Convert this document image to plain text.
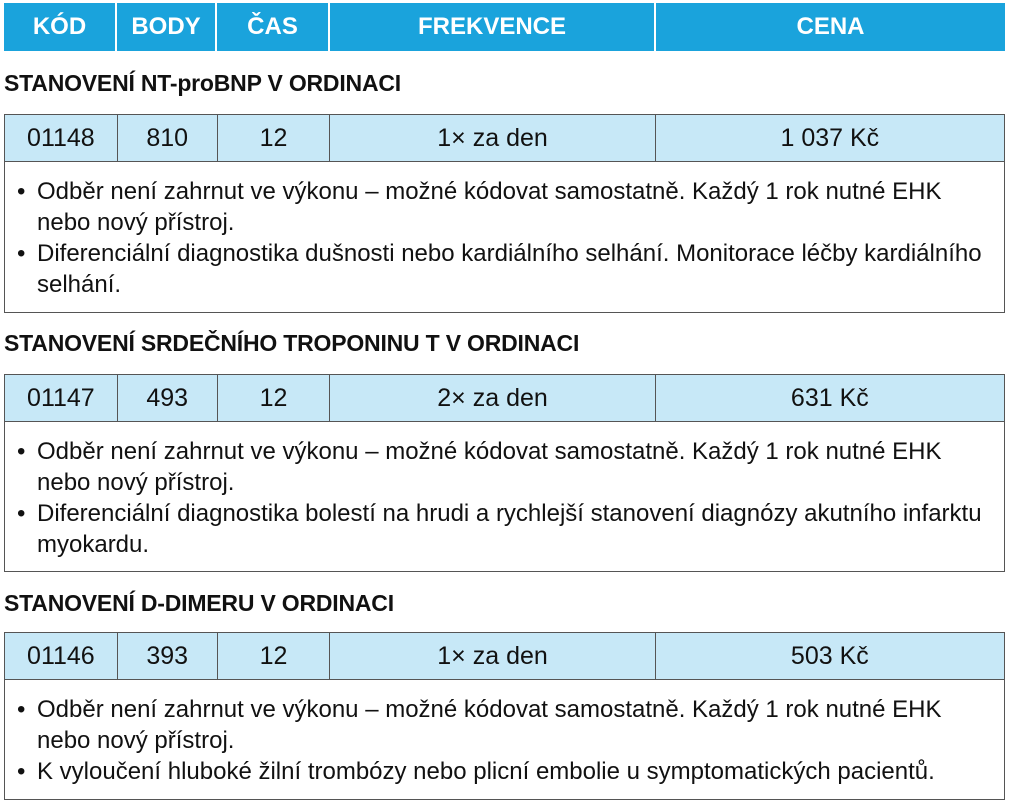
KÓD	BODY	ČAS	FREKVENCE	CENA
STANOVENÍ NT-proBNP V ORDINACI
01148	810	12	1× za den	1 037 Kč
• Odběr není zahrnut ve výkonu – možné kódovat samostatně. Každý 1 rok nutné EHK nebo nový přístroj.
• Diferenciální diagnostika dušnosti nebo kardiálního selhání. Monitorace léčby kardiálního selhání.
STANOVENÍ SRDEČNÍHO TROPONINU T V ORDINACI
01147	493	12	2× za den	631 Kč
• Odběr není zahrnut ve výkonu – možné kódovat samostatně. Každý 1 rok nutné EHK nebo nový přístroj.
• Diferenciální diagnostika bolestí na hrudi a rychlejší stanovení diagnózy akutního infarktu myokardu.
STANOVENÍ D-DIMERU V ORDINACI
01146	393	12	1× za den	503 Kč
• Odběr není zahrnut ve výkonu – možné kódovat samostatně. Každý 1 rok nutné EHK nebo nový přístroj.
• K vyloučení hluboké žilní trombózy nebo plicní embolie u symptomatických pacientů.
